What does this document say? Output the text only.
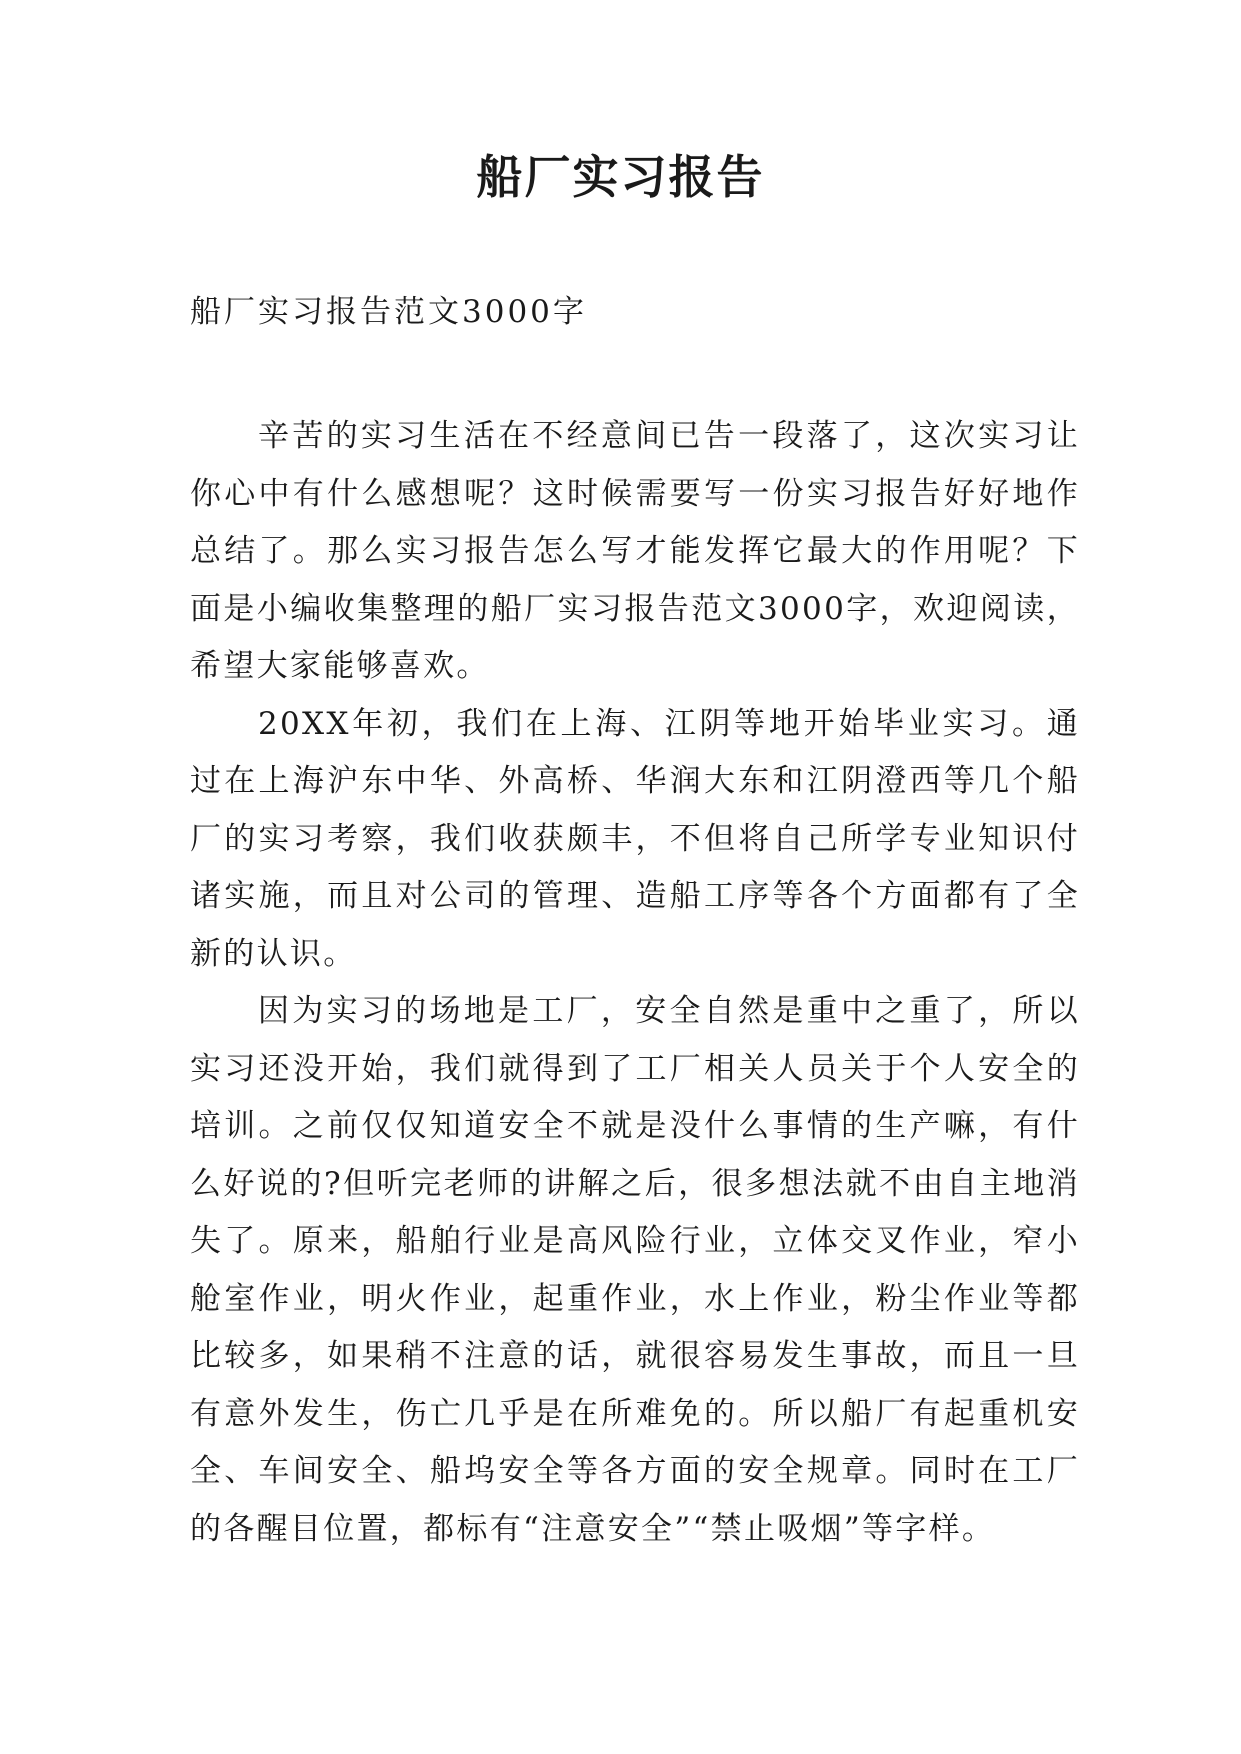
船厂实习报告

船厂实习报告范文3000字

辛苦的实习生活在不经意间已告一段落了，这次实习让你心中有什么感想呢？这时候需要写一份实习报告好好地作总结了。那么实习报告怎么写才能发挥它最大的作用呢？下面是小编收集整理的船厂实习报告范文3000字，欢迎阅读，希望大家能够喜欢。

20XX年初，我们在上海、江阴等地开始毕业实习。通过在上海沪东中华、外高桥、华润大东和江阴澄西等几个船厂的实习考察，我们收获颇丰，不但将自己所学专业知识付诸实施，而且对公司的管理、造船工序等各个方面都有了全新的认识。

因为实习的场地是工厂，安全自然是重中之重了，所以实习还没开始，我们就得到了工厂相关人员关于个人安全的培训。之前仅仅知道安全不就是没什么事情的生产嘛，有什么好说的?但听完老师的讲解之后，很多想法就不由自主地消失了。原来，船舶行业是高风险行业，立体交叉作业，窄小舱室作业，明火作业，起重作业，水上作业，粉尘作业等都比较多，如果稍不注意的话，就很容易发生事故，而且一旦有意外发生，伤亡几乎是在所难免的。所以船厂有起重机安全、车间安全、船坞安全等各方面的安全规章。同时在工厂的各醒目位置，都标有“注意安全”“禁止吸烟”等字样。
